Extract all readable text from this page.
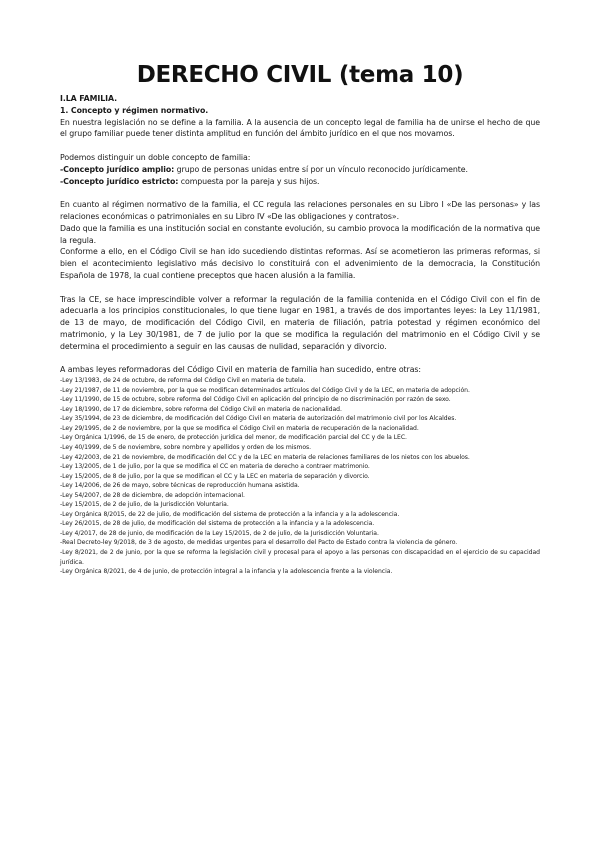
DERECHO CIVIL (tema 10)

I.LA FAMILIA.

1. Concepto y régimen normativo.

En nuestra legislación no se define a la familia. A la ausencia de un concepto legal de familia ha de unirse el hecho de que el grupo familiar puede tener distinta amplitud en función del ámbito jurídico en el que nos movamos.

Podemos distinguir un doble concepto de familia:

-Concepto jurídico amplio: grupo de personas unidas entre sí por un vínculo reconocido jurídicamente.

-Concepto jurídico estricto: compuesta por la pareja y sus hijos.

En cuanto al régimen normativo de la familia, el CC regula las relaciones personales en su Libro I «De las personas» y las relaciones económicas o patrimoniales en su Libro IV «De las obligaciones y contratos».

Dado que la familia es una institución social en constante evolución, su cambio provoca la modificación de la normativa que la regula.

Conforme a ello, en el Código Civil se han ido sucediendo distintas reformas. Así se acometieron las primeras reformas, si bien el acontecimiento legislativo más decisivo lo constituirá con el advenimiento de la democracia, la Constitución Española de 1978, la cual contiene preceptos que hacen alusión a la familia.

Tras la CE, se hace imprescindible volver a reformar la regulación de la familia contenida en el Código Civil con el fin de adecuarla a los principios constitucionales, lo que tiene lugar en 1981, a través de dos importantes leyes: la Ley 11/1981, de 13 de mayo, de modificación del Código Civil, en materia de filiación, patria potestad y régimen económico del matrimonio, y la Ley 30/1981, de 7 de julio por la que se modifica la regulación del matrimonio en el Código Civil y se determina el procedimiento a seguir en las causas de nulidad, separación y divorcio.

A ambas leyes reformadoras del Código Civil en materia de familia han sucedido, entre otras:

-Ley 13/1983, de 24 de octubre, de reforma del Código Civil en materia de tutela.
-Ley 21/1987, de 11 de noviembre, por la que se modifican determinados artículos del Código Civil y de la LEC, en materia de adopción.
-Ley 11/1990, de 15 de octubre, sobre reforma del Código Civil en aplicación del principio de no discriminación por razón de sexo.
-Ley 18/1990, de 17 de diciembre, sobre reforma del Código Civil en materia de nacionalidad.
-Ley 35/1994, de 23 de diciembre, de modificación del Código Civil en materia de autorización del matrimonio civil por los Alcaldes.
-Ley 29/1995, de 2 de noviembre, por la que se modifica el Código Civil en materia de recuperación de la nacionalidad.
-Ley Orgánica 1/1996, de 15 de enero, de protección jurídica del menor, de modificación parcial del CC y de la LEC.
-Ley 40/1999, de 5 de noviembre, sobre nombre y apellidos y orden de los mismos.
-Ley 42/2003, de 21 de noviembre, de modificación del CC y de la LEC en materia de relaciones familiares de los nietos con los abuelos.
-Ley 13/2005, de 1 de julio, por la que se modifica el CC en materia de derecho a contraer matrimonio.
-Ley 15/2005, de 8 de julio, por la que se modifican el CC y la LEC en materia de separación y divorcio.
-Ley 14/2006, de 26 de mayo, sobre técnicas de reproducción humana asistida.
-Ley 54/2007, de 28 de diciembre, de adopción internacional.
-Ley 15/2015, de 2 de julio, de la Jurisdicción Voluntaria.
-Ley Orgánica 8/2015, de 22 de julio, de modificación del sistema de protección a la infancia y a la adolescencia.
-Ley 26/2015, de 28 de julio, de modificación del sistema de protección a la infancia y a la adolescencia.
-Ley 4/2017, de 28 de junio, de modificación de la Ley 15/2015, de 2 de julio, de la Jurisdicción Voluntaria.
-Real Decreto-ley 9/2018, de 3 de agosto, de medidas urgentes para el desarrollo del Pacto de Estado contra la violencia de género.
-Ley 8/2021, de 2 de junio, por la que se reforma la legislación civil y procesal para el apoyo a las personas con discapacidad en el ejercicio de su capacidad jurídica.
-Ley Orgánica 8/2021, de 4 de junio, de protección integral a la infancia y la adolescencia frente a la violencia.
